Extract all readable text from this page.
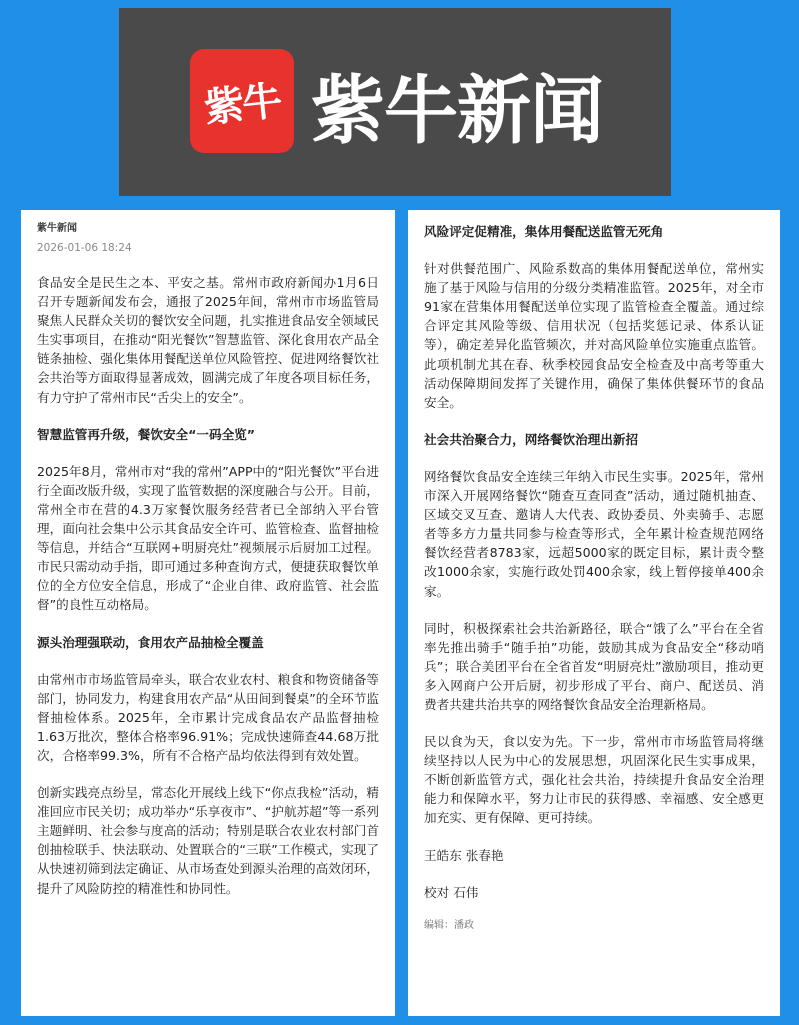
紫牛 紫牛新闻
紫牛新闻
2026-01-06 18:24
食品安全是民生之本、平安之基。常州市政府新闻办1月6日召开专题新闻发布会，通报了2025年间，常州市市场监管局聚焦人民群众关切的餐饮安全问题，扎实推进食品安全领域民生实事项目，在推动“阳光餐饮”智慧监管、深化食用农产品全链条抽检、强化集体用餐配送单位风险管控、促进网络餐饮社会共治等方面取得显著成效，圆满完成了年度各项目标任务，有力守护了常州市民“舌尖上的安全”。
智慧监管再升级，餐饮安全“一码全览”
2025年8月，常州市对“我的常州”APP中的“阳光餐饮”平台进行全面改版升级，实现了监管数据的深度融合与公开。目前，常州全市在营的4.3万家餐饮服务经营者已全部纳入平台管理，面向社会集中公示其食品安全许可、监管检查、监督抽检等信息，并结合“互联网+明厨亮灶”视频展示后厨加工过程。市民只需动动手指，即可通过多种查询方式，便捷获取餐饮单位的全方位安全信息，形成了“企业自律、政府监管、社会监督”的良性互动格局。
源头治理强联动，食用农产品抽检全覆盖
由常州市市场监管局牵头，联合农业农村、粮食和物资储备等部门，协同发力，构建食用农产品“从田间到餐桌”的全环节监督抽检体系。2025年，全市累计完成食品农产品监督抽检1.63万批次，整体合格率96.91%；完成快速筛查44.68万批次，合格率99.3%，所有不合格产品均依法得到有效处置。
创新实践亮点纷呈，常态化开展线上线下“你点我检”活动，精准回应市民关切；成功举办“乐享夜市”、“护航苏超”等一系列主题鲜明、社会参与度高的活动；特别是联合农业农村部门首创抽检联手、快法联动、处置联合的“三联”工作模式，实现了从快速初筛到法定确证、从市场查处到源头治理的高效闭环，提升了风险防控的精准性和协同性。
风险评定促精准，集体用餐配送监管无死角
针对供餐范围广、风险系数高的集体用餐配送单位，常州实施了基于风险与信用的分级分类精准监管。2025年，对全市91家在营集体用餐配送单位实现了监管检查全覆盖。通过综合评定其风险等级、信用状况（包括奖惩记录、体系认证等），确定差异化监管频次，并对高风险单位实施重点监管。此项机制尤其在春、秋季校园食品安全检查及中高考等重大活动保障期间发挥了关键作用，确保了集体供餐环节的食品安全。
社会共治聚合力，网络餐饮治理出新招
网络餐饮食品安全连续三年纳入市民生实事。2025年，常州市深入开展网络餐饮“随查互查同查”活动，通过随机抽查、区域交叉互查、邀请人大代表、政协委员、外卖骑手、志愿者等多方力量共同参与检查等形式，全年累计检查规范网络餐饮经营者8783家，远超5000家的既定目标，累计责令整改1000余家，实施行政处罚400余家，线上暂停接单400余家。
同时，积极探索社会共治新路径，联合“饿了么”平台在全省率先推出骑手“随手拍”功能，鼓励其成为食品安全“移动哨兵”；联合美团平台在全省首发“明厨亮灶”激励项目，推动更多入网商户公开后厨，初步形成了平台、商户、配送员、消费者共建共治共享的网络餐饮食品安全治理新格局。
民以食为天，食以安为先。下一步，常州市市场监管局将继续坚持以人民为中心的发展思想，巩固深化民生实事成果，不断创新监管方式，强化社会共治，持续提升食品安全治理能力和保障水平，努力让市民的获得感、幸福感、安全感更加充实、更有保障、更可持续。
王皓东 张春艳
校对 石伟
编辑：潘政
